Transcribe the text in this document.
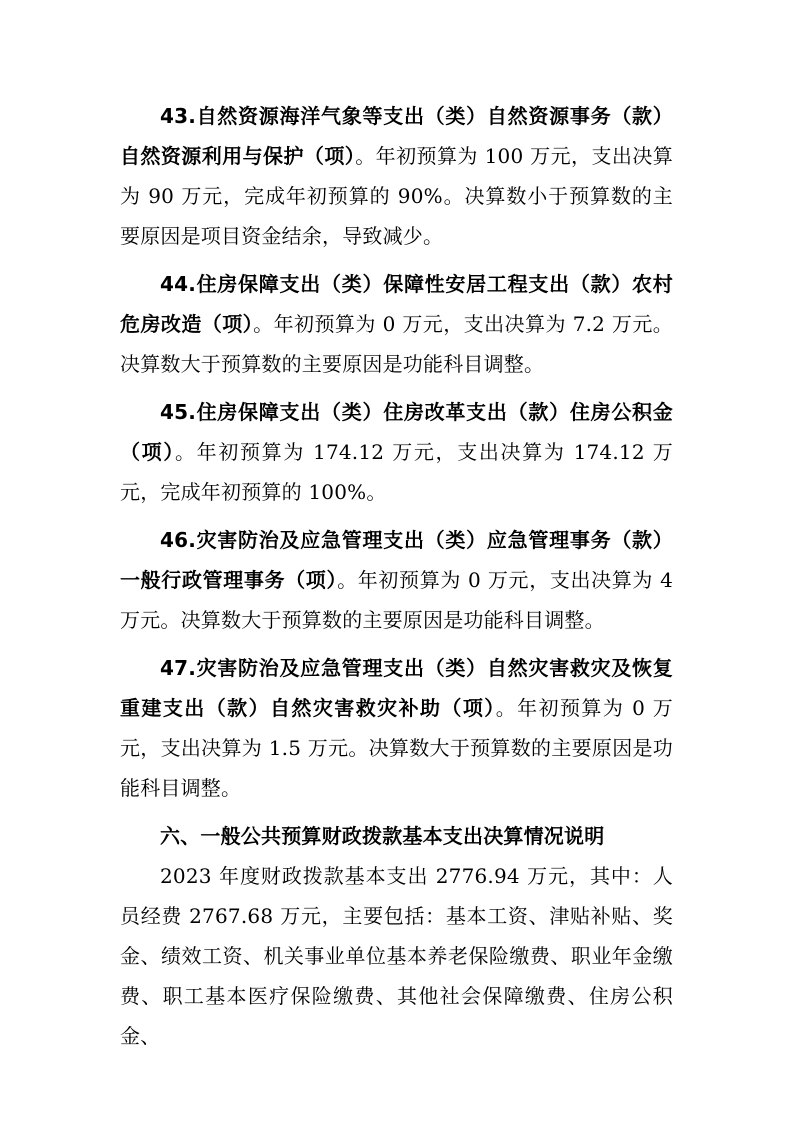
43.自然资源海洋气象等支出（类）自然资源事务（款）自然资源利用与保护（项）。年初预算为 100 万元，支出决算为 90 万元，完成年初预算的 90%。决算数小于预算数的主要原因是项目资金结余，导致减少。

44.住房保障支出（类）保障性安居工程支出（款）农村危房改造（项）。年初预算为 0 万元，支出决算为 7.2 万元。决算数大于预算数的主要原因是功能科目调整。

45.住房保障支出（类）住房改革支出（款）住房公积金（项）。年初预算为 174.12 万元，支出决算为 174.12 万元，完成年初预算的 100%。

46.灾害防治及应急管理支出（类）应急管理事务（款）一般行政管理事务（项）。年初预算为 0 万元，支出决算为 4 万元。决算数大于预算数的主要原因是功能科目调整。

47.灾害防治及应急管理支出（类）自然灾害救灾及恢复重建支出（款）自然灾害救灾补助（项）。年初预算为 0 万元，支出决算为 1.5 万元。决算数大于预算数的主要原因是功能科目调整。

六、一般公共预算财政拨款基本支出决算情况说明

2023 年度财政拨款基本支出 2776.94 万元，其中：人员经费 2767.68 万元，主要包括：基本工资、津贴补贴、奖金、绩效工资、机关事业单位基本养老保险缴费、职业年金缴费、职工基本医疗保险缴费、其他社会保障缴费、住房公积金、
